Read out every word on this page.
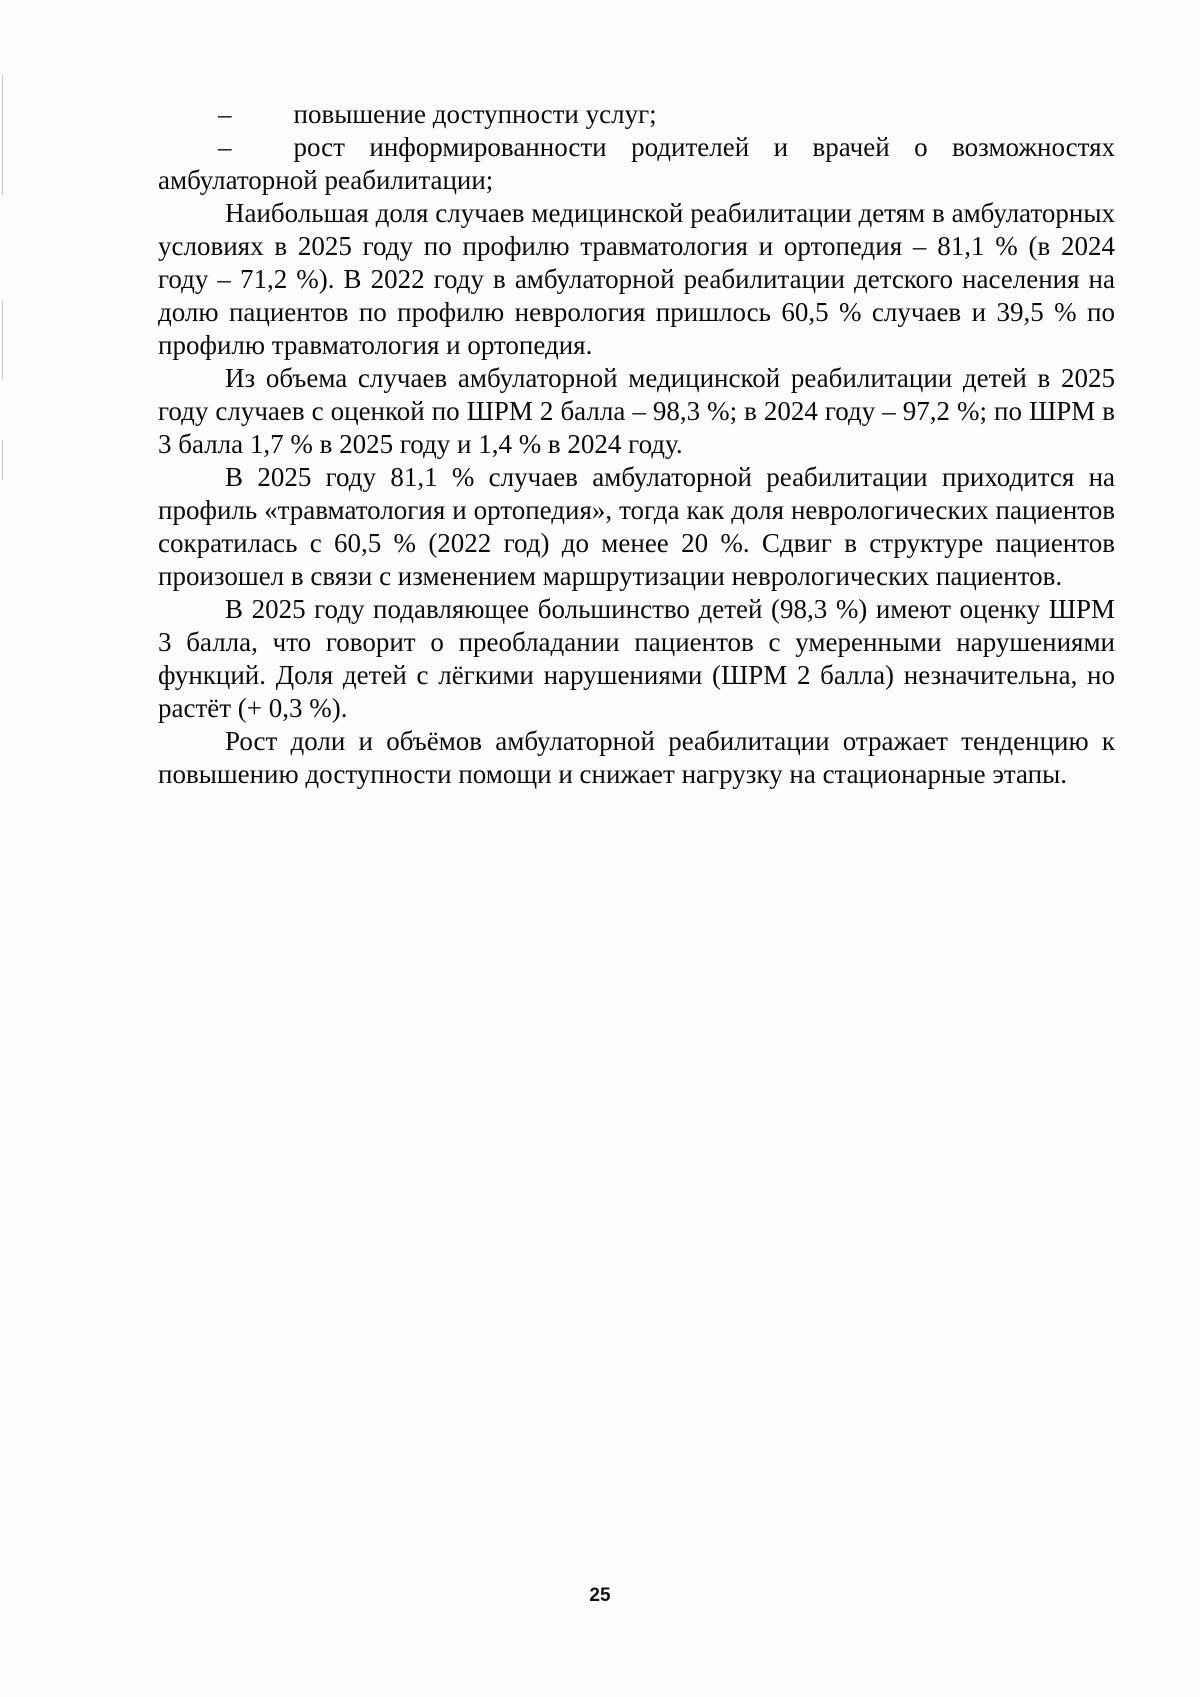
– повышение доступности услуг;

– рост информированности родителей и врачей о возможностях амбулаторной реабилитации;

Наибольшая доля случаев медицинской реабилитации детям в амбулаторных условиях в 2025 году по профилю травматология и ортопедия – 81,1 % (в 2024 году – 71,2 %). В 2022 году в амбулаторной реабилитации детского населения на долю пациентов по профилю неврология пришлось 60,5 % случаев и 39,5 % по профилю травматология и ортопедия.

Из объема случаев амбулаторной медицинской реабилитации детей в 2025 году случаев с оценкой по ШРМ 2 балла – 98,3 %; в 2024 году – 97,2 %; по ШРМ в 3 балла 1,7 % в 2025 году и 1,4 % в 2024 году.

В 2025 году 81,1 % случаев амбулаторной реабилитации приходится на профиль «травматология и ортопедия», тогда как доля неврологических пациентов сократилась с 60,5 % (2022 год) до менее 20 %. Сдвиг в структуре пациентов произошел в связи с изменением маршрутизации неврологических пациентов.

В 2025 году подавляющее большинство детей (98,3 %) имеют оценку ШРМ 3 балла, что говорит о преобладании пациентов с умеренными нарушениями функций. Доля детей с лёгкими нарушениями (ШРМ 2 балла) незначительна, но растёт (+ 0,3 %).

Рост доли и объёмов амбулаторной реабилитации отражает тенденцию к повышению доступности помощи и снижает нагрузку на стационарные этапы.

25
